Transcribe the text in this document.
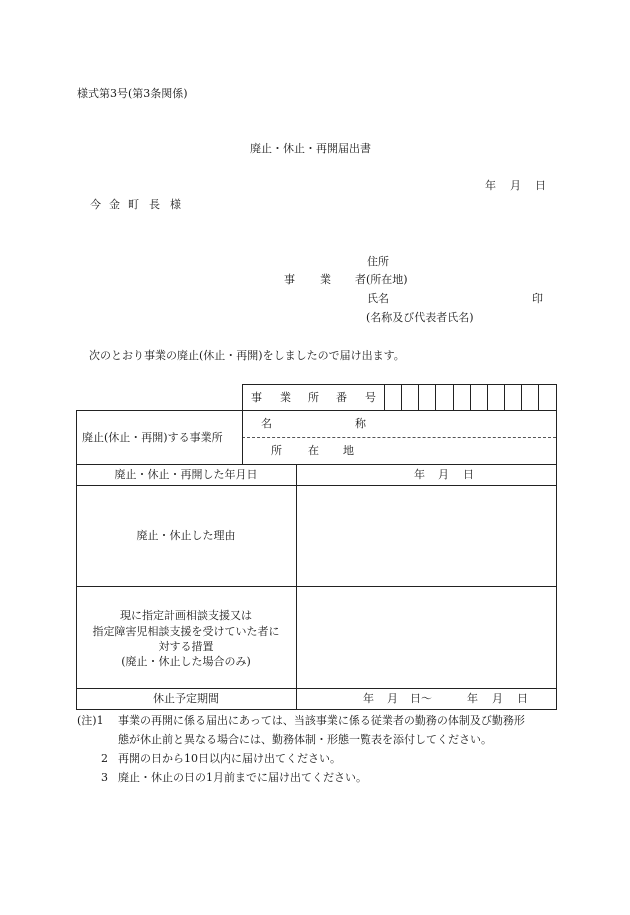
様式第3号(第3条関係)
廃止・休止・再開届出書
年 月 日
今 金 町 長 様
住所
事 業 者 (所在地)
氏名	印
(名称及び代表者氏名)
次のとおり事業の廃止(休止・再開)をしましたので届け出ます。
事 業 所 番 号
廃止(休止・再開)する事業所
名	称
所 在 地
廃止・休止・再開した年月日	年 月 日
廃止・休止した理由
現に指定計画相談支援又は
指定障害児相談支援を受けていた者に
対する措置
(廃止・休止した場合のみ)
休止予定期間	年 月 日〜	年 月 日
(注)1 事業の再開に係る届出にあっては、当該事業に係る従業者の勤務の体制及び勤務形
態が休止前と異なる場合には、勤務体制・形態一覧表を添付してください。
2 再開の日から10日以内に届け出てください。
3 廃止・休止の日の1月前までに届け出てください。
